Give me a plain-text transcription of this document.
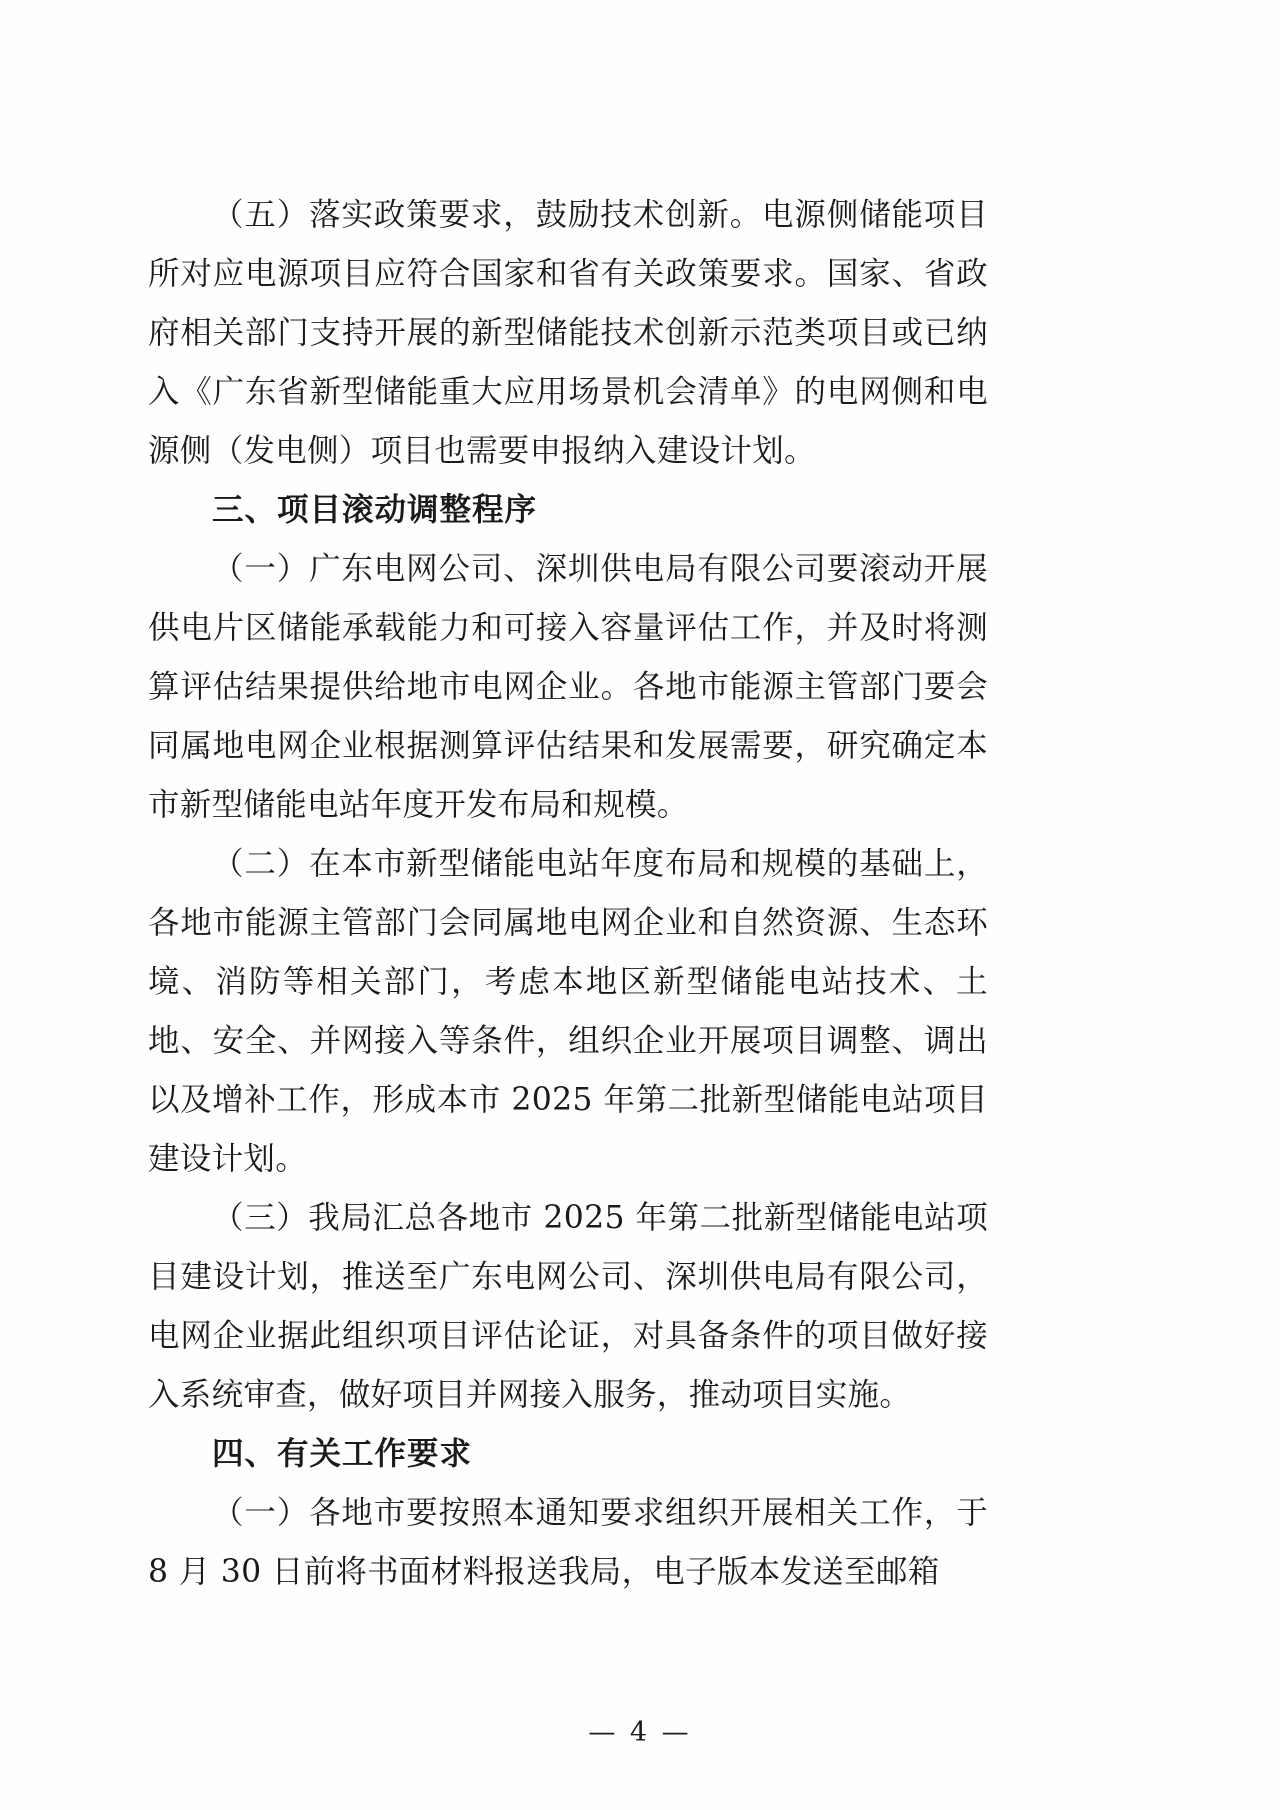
（五）落实政策要求，鼓励技术创新。电源侧储能项目所对应电源项目应符合国家和省有关政策要求。国家、省政府相关部门支持开展的新型储能技术创新示范类项目或已纳入《广东省新型储能重大应用场景机会清单》的电网侧和电源侧（发电侧）项目也需要申报纳入建设计划。

三、项目滚动调整程序

（一）广东电网公司、深圳供电局有限公司要滚动开展供电片区储能承载能力和可接入容量评估工作，并及时将测算评估结果提供给地市电网企业。各地市能源主管部门要会同属地电网企业根据测算评估结果和发展需要，研究确定本市新型储能电站年度开发布局和规模。

（二）在本市新型储能电站年度布局和规模的基础上，各地市能源主管部门会同属地电网企业和自然资源、生态环境、消防等相关部门，考虑本地区新型储能电站技术、土地、安全、并网接入等条件，组织企业开展项目调整、调出以及增补工作，形成本市 2025 年第二批新型储能电站项目建设计划。

（三）我局汇总各地市 2025 年第二批新型储能电站项目建设计划，推送至广东电网公司、深圳供电局有限公司，电网企业据此组织项目评估论证，对具备条件的项目做好接入系统审查，做好项目并网接入服务，推动项目实施。

四、有关工作要求

（一）各地市要按照本通知要求组织开展相关工作，于 8 月 30 日前将书面材料报送我局，电子版本发送至邮箱

— 4 —
